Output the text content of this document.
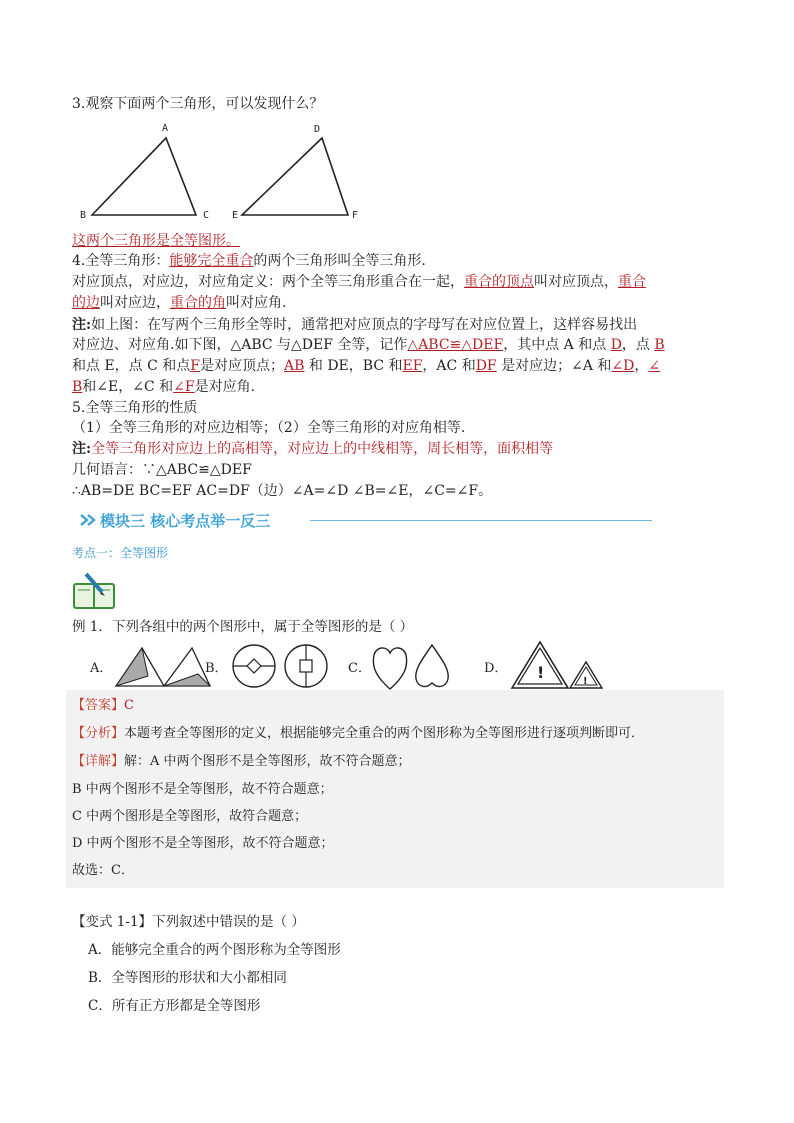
3.观察下面两个三角形，可以发现什么？
A
B	C
D
E	F
这两个三角形是全等图形。
4.全等三角形：能够完全重合的两个三角形叫全等三角形.
对应顶点，对应边，对应角定义：两个全等三角形重合在一起，重合的顶点叫对应顶点，重合
的边叫对应边，重合的角叫对应角.
注:如上图：在写两个三角形全等时，通常把对应顶点的字母写在对应位置上，这样容易找出
对应边、对应角.如下图，△ABC 与△DEF 全等，记作△ABC≌△DEF，其中点 A 和点 D，点 B
和点 E，点 C 和点F是对应顶点；AB 和 DE，BC 和EF，AC 和DF 是对应边；∠A 和∠D，∠
B和∠E，∠C 和∠F是对应角.
5.全等三角形的性质
（1）全等三角形的对应边相等；（2）全等三角形的对应角相等.
注:全等三角形对应边上的高相等，对应边上的中线相等，周长相等，面积相等
几何语言：∵△ABC≌△DEF
∴AB=DE BC=EF AC=DF（边）∠A=∠D ∠B=∠E，∠C=∠F。
模块三 核心考点举一反三
考点一：全等图形
例 1．下列各组中的两个图形中，属于全等图形的是（ ）
A．	B．	C．	D． !	!
【答案】C
【分析】本题考查全等图形的定义，根据能够完全重合的两个图形称为全等图形进行逐项判断即可．
【详解】解：A 中两个图形不是全等图形，故不符合题意；
B 中两个图形不是全等图形，故不符合题意；
C 中两个图形是全等图形，故符合题意；
D 中两个图形不是全等图形，故不符合题意；
故选：C．
【变式 1-1】下列叙述中错误的是（ ）
A．能够完全重合的两个图形称为全等图形
B．全等图形的形状和大小都相同
C．所有正方形都是全等图形
